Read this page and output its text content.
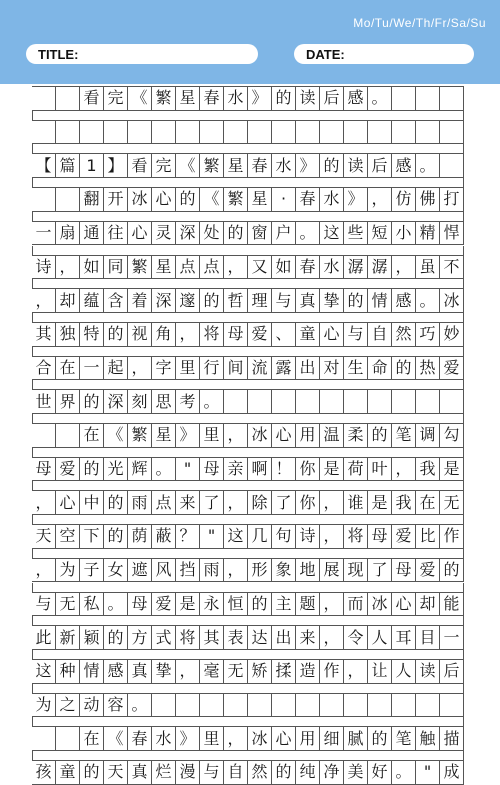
Mo/Tu/We/Th/Fr/Sa/Su
TITLE:	DATE:
看 完 《 繁 星 春 水 》 的 读 后 感 。
【 篇 1 】 看 完 《 繁 星 春 水 》 的 读 后 感 。
翻 开 冰 心 的 《 繁 星 · 春 水 》 ， 仿 佛 打
一 扇 通 往 心 灵 深 处 的 窗 户 。 这 些 短 小 精 悍
诗 ， 如 同 繁 星 点 点 ， 又 如 春 水 潺 潺 ， 虽 不
， 却 蕴 含 着 深 邃 的 哲 理 与 真 挚 的 情 感 。 冰
其 独 特 的 视 角 ， 将 母 爱 、 童 心 与 自 然 巧 妙
合 在 一 起 ， 字 里 行 间 流 露 出 对 生 命 的 热 爱
世 界 的 深 刻 思 考 。
在 《 繁 星 》 里 ， 冰 心 用 温 柔 的 笔 调 勾
母 爱 的 光 辉 。 " 母 亲 啊 ！ 你 是 荷 叶 ， 我 是
， 心 中 的 雨 点 来 了 ， 除 了 你 ， 谁 是 我 在 无
天 空 下 的 荫 蔽 ？ " 这 几 句 诗 ， 将 母 爱 比 作
， 为 子 女 遮 风 挡 雨 ， 形 象 地 展 现 了 母 爱 的
与 无 私 。 母 爱 是 永 恒 的 主 题 ， 而 冰 心 却 能
此 新 颖 的 方 式 将 其 表 达 出 来 ， 令 人 耳 目 一
这 种 情 感 真 挚 ， 毫 无 矫 揉 造 作 ， 让 人 读 后
为 之 动 容 。
在 《 春 水 》 里 ， 冰 心 用 细 腻 的 笔 触 描
孩 童 的 天 真 烂 漫 与 自 然 的 纯 净 美 好 。 " 成
